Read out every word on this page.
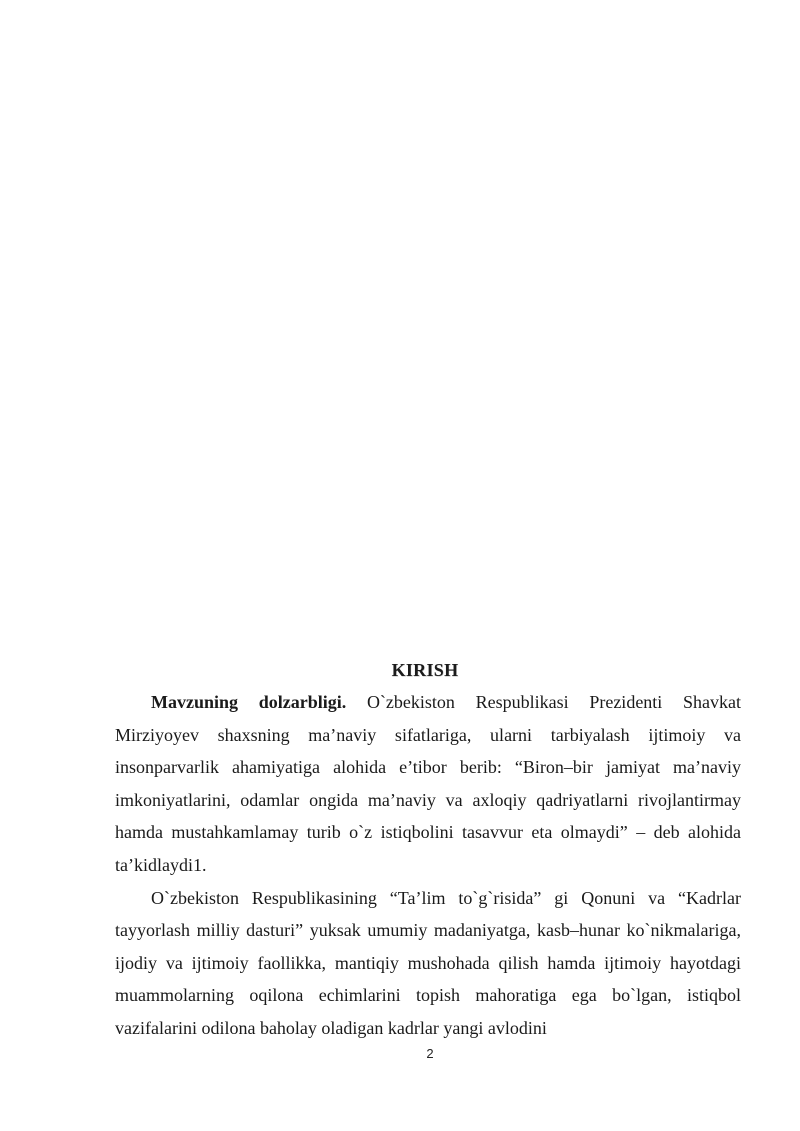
KIRISH

Mavzuning dolzarbligi. O`zbekiston Respublikasi Prezidenti Shavkat Mirziyoyev shaxsning ma’naviy sifatlariga, ularni tarbiyalash ijtimoiy va insonparvarlik ahamiyatiga alohida e’tibor berib: “Biron–bir jamiyat ma’naviy imkoniyatlarini, odamlar ongida ma’naviy va axloqiy qadriyatlarni rivojlantirmay hamda mustahkamlamay turib o`z istiqbolini tasavvur eta olmaydi” – deb alohida ta’kidlaydi1.

O`zbekiston Respublikasining “Ta’lim to`g`risida” gi Qonuni va “Kadrlar tayyorlash milliy dasturi” yuksak umumiy madaniyatga, kasb–hunar ko`nikmalariga, ijodiy va ijtimoiy faollikka, mantiqiy mushohada qilish hamda ijtimoiy hayotdagi muammolarning oqilona echimlarini topish mahoratiga ega bo`lgan, istiqbol vazifalarini odilona baholay oladigan kadrlar yangi avlodini

2
